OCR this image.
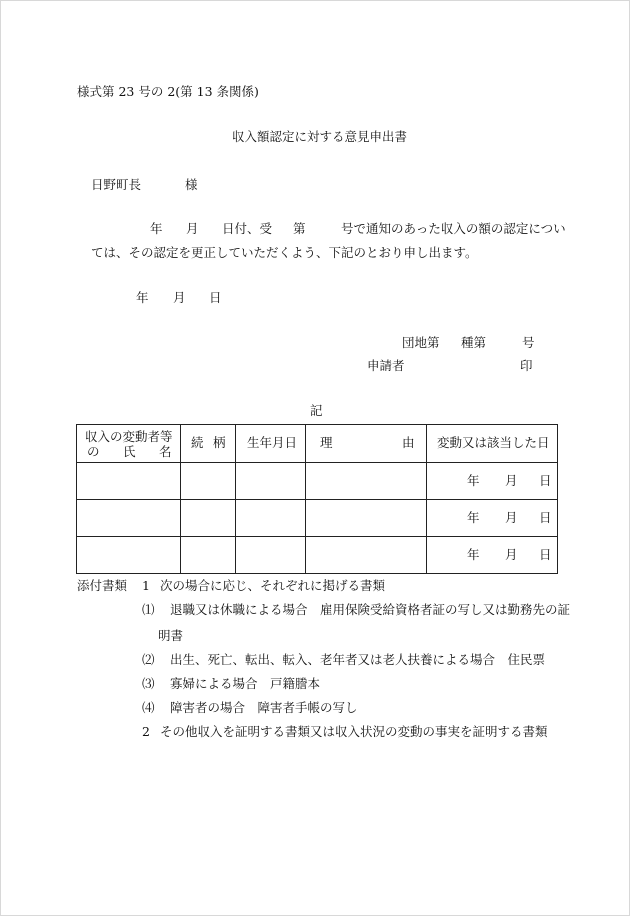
様式第 23 号の 2(第 13 条関係)
収入額認定に対する意見申出書
日野町長	様
年 月 日付、受 第	号で通知のあった収入の額の認定につい
ては、その認定を更正していただくよう、下記のとおり申し出ます。
年 月 日
団地第 種第	号
申請者	印
記
収入の変動者等
の 氏 名	続 柄	生年月日	理 由	変動又は該当した日

				年 月 日

				年 月 日

				年 月 日
添付書類 1 次の場合に応じ、それぞれに掲げる書類
⑴ 退職又は休職による場合　雇用保険受給資格者証の写し又は勤務先の証
明書
⑵ 出生、死亡、転出、転入、老年者又は老人扶養による場合　住民票
⑶ 寡婦による場合　戸籍謄本
⑷ 障害者の場合　障害者手帳の写し
2 その他収入を証明する書類又は収入状況の変動の事実を証明する書類
